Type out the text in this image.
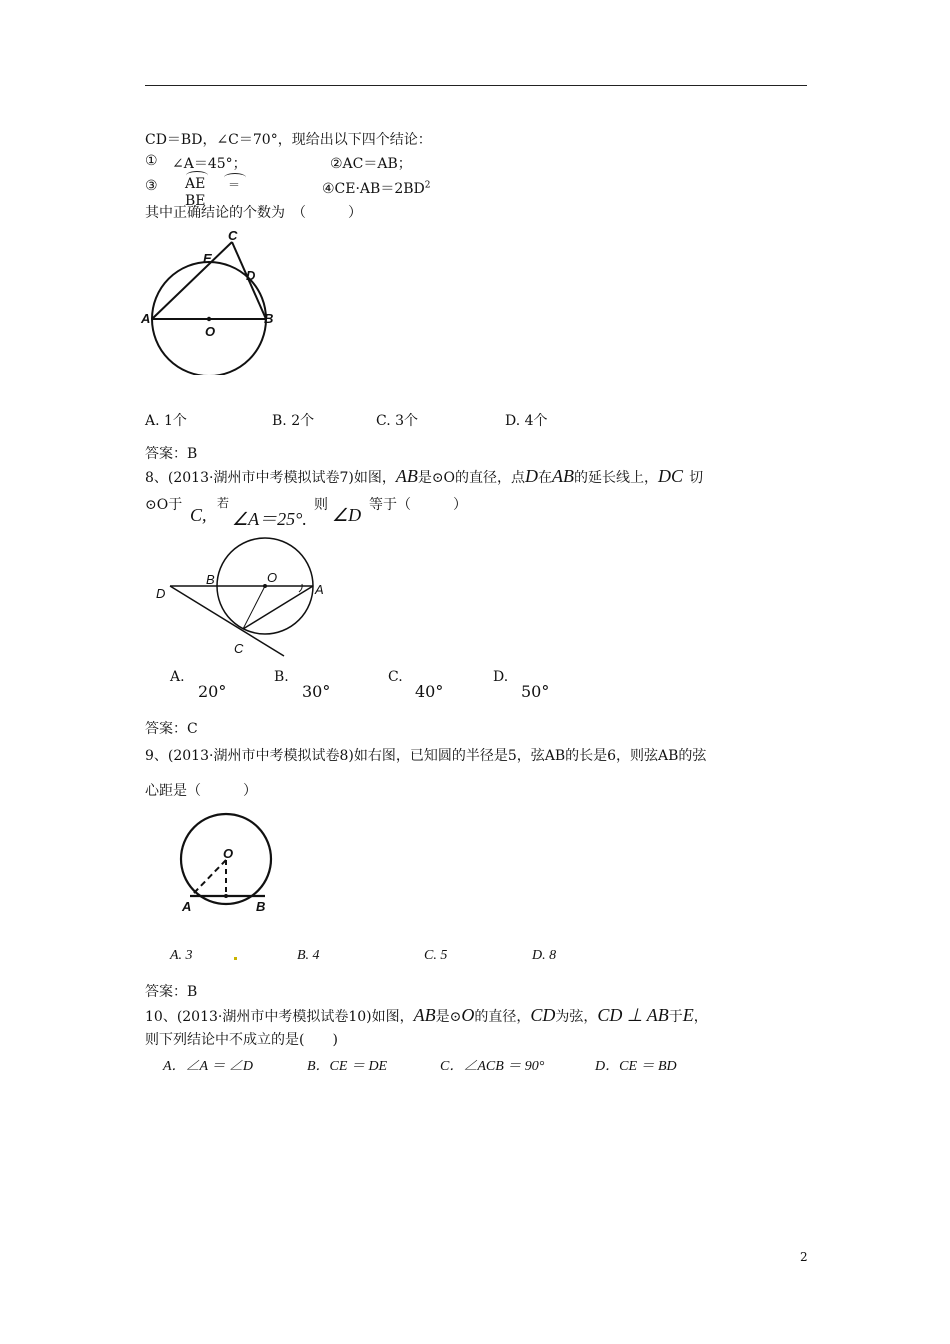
CD＝BD，∠C＝70°，现给出以下四个结论：
① ∠A＝45°；	②AC＝AB；
③ AE
BE
＝	$④CE\cdot AB=2BD^2$
其中正确结论的个数为　（　　　）
C
E
D
A	B
O
A. 1个	B. 2个	C. 3个	D. 4个
答案：B
8、(2013·湖州市中考模拟试卷7)如图，AB是⊙O的直径，点D在AB的延长线上，DC 切
⊙O于 C,
若
∠A＝25°.
则 ∠D 等于（　　　）
D
B	O
A
C
A.
20°
B.
30°
C.
40°
D.
50°
答案：C
9、(2013·湖州市中考模拟试卷8)如右图，已知圆的半径是5，弦AB的长是6，则弦AB的弦
心距是（　　　）
O
A	B
A. 3	B. 4	C. 5	D. 8
答案：B
10、(2013·湖州市中考模拟试卷10)如图，AB是⊙O的直径，CD为弦，CD ⊥ AB于E，
则下列结论中不成立的是(　　)
A．∠A ＝ ∠D	B．CE ＝ DE	C．∠ACB ＝ 90°	D．CE ＝ BD
2
